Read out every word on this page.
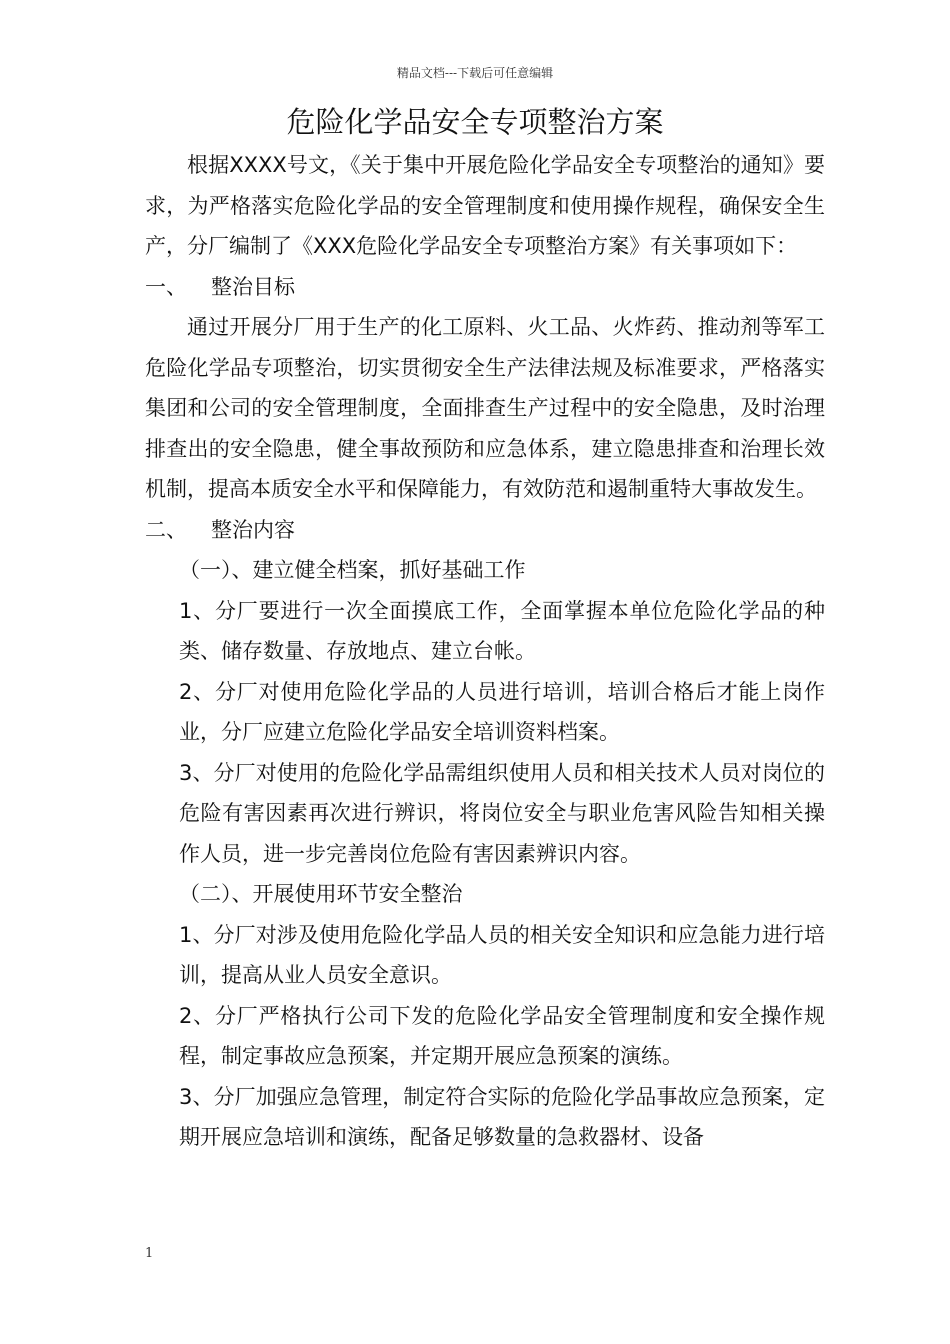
精品文档---下载后可任意编辑
危险化学品安全专项整治方案

根据XXXX号文，《关于集中开展危险化学品安全专项整治的通知》要求，为严格落实危险化学品的安全管理制度和使用操作规程，确保安全生产，分厂编制了《XXX危险化学品安全专项整治方案》有关事项如下：

一、 整治目标

通过开展分厂用于生产的化工原料、火工品、火炸药、推动剂等军工危险化学品专项整治，切实贯彻安全生产法律法规及标准要求，严格落实集团和公司的安全管理制度，全面排查生产过程中的安全隐患，及时治理排查出的安全隐患，健全事故预防和应急体系，建立隐患排查和治理长效机制，提高本质安全水平和保障能力，有效防范和遏制重特大事故发生。

二、 整治内容

（一）、建立健全档案，抓好基础工作

1、分厂要进行一次全面摸底工作，全面掌握本单位危险化学品的种类、储存数量、存放地点、建立台帐。

2、分厂对使用危险化学品的人员进行培训，培训合格后才能上岗作业，分厂应建立危险化学品安全培训资料档案。

3、分厂对使用的危险化学品需组织使用人员和相关技术人员对岗位的危险有害因素再次进行辨识，将岗位安全与职业危害风险告知相关操作人员，进一步完善岗位危险有害因素辨识内容。

（二）、开展使用环节安全整治

1、分厂对涉及使用危险化学品人员的相关安全知识和应急能力进行培训，提高从业人员安全意识。

2、分厂严格执行公司下发的危险化学品安全管理制度和安全操作规程，制定事故应急预案，并定期开展应急预案的演练。

3、分厂加强应急管理，制定符合实际的危险化学品事故应急预案，定期开展应急培训和演练，配备足够数量的急救器材、设备

1
